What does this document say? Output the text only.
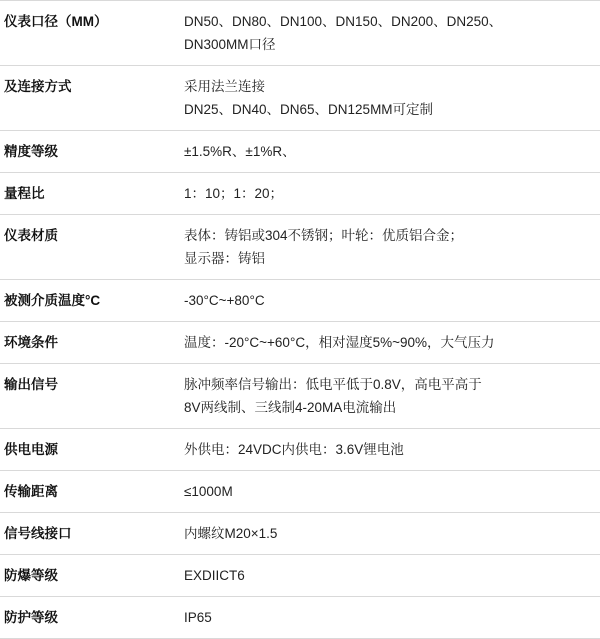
仪表口径（MM）	DN50、DN80、DN100、DN150、DN200、DN250、
DN300MM口径

及连接方式	采用法兰连接
DN25、DN40、DN65、DN125MM可定制

精度等级	±1.5%R、±1%R、

量程比	1：10；1：20；

仪表材质	表体：铸铝或304不锈钢；叶轮：优质铝合金；
显示器：铸铝

被测介质温度°C	-30°C~+80°C

环境条件	温度：-20°C~+60°C，相对湿度5%~90%，大气压力

输出信号	脉冲频率信号输出：低电平低于0.8V，高电平高于
8V两线制、三线制4-20MA电流输出

供电电源	外供电：24VDC内供电：3.6V锂电池

传输距离	≤1000M

信号线接口	内螺纹M20×1.5

防爆等级	EXDIICT6

防护等级	IP65
